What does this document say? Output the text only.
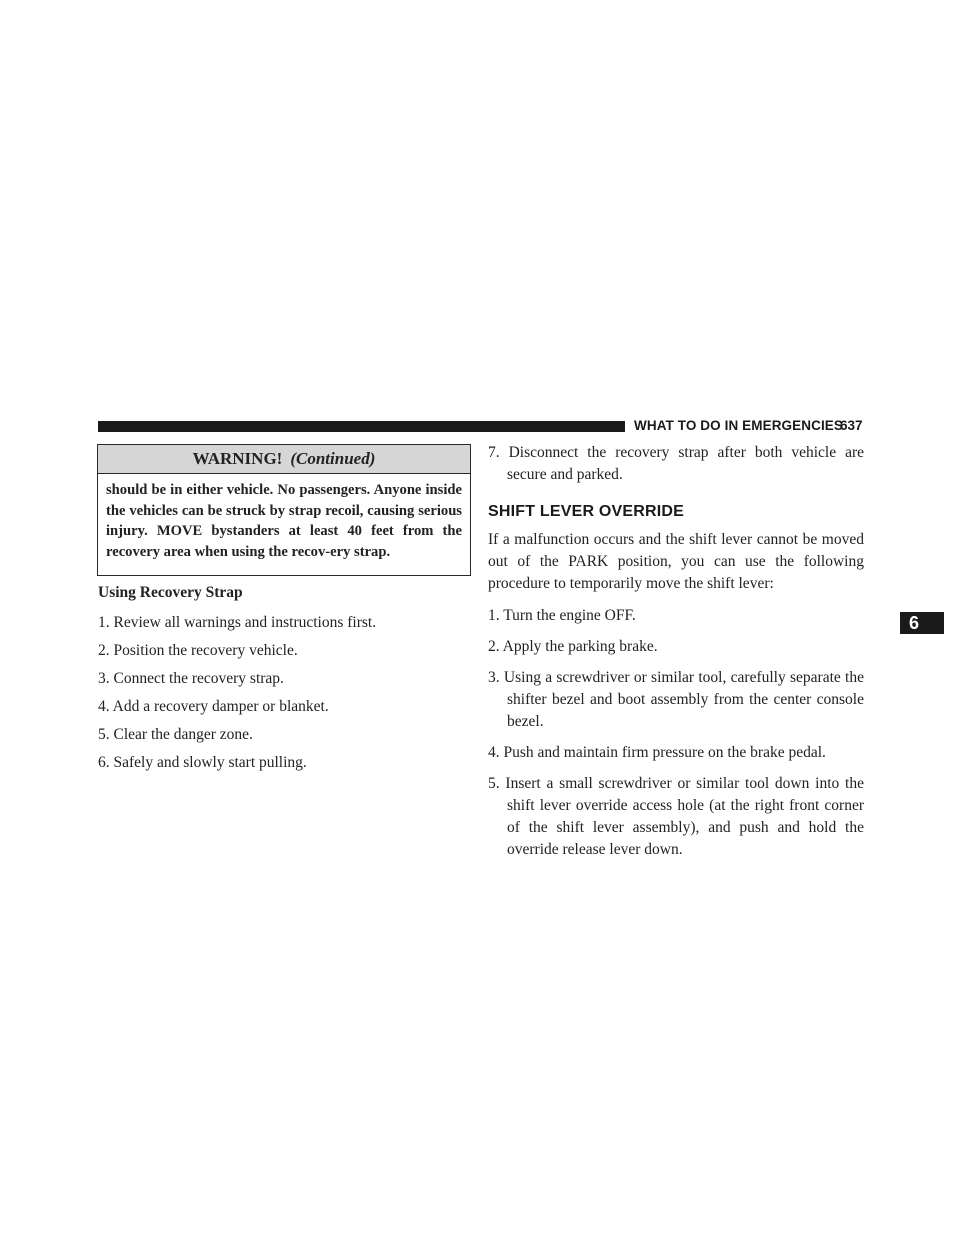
WHAT TO DO IN EMERGENCIES
637
6
WARNING! (Continued)
should be in either vehicle. No passengers. Anyone inside the vehicles can be struck by strap recoil, causing serious injury. MOVE bystanders at least 40 feet from the recovery area when using the recov-ery strap.

Using Recovery Strap

1. Review all warnings and instructions first.

2. Position the recovery vehicle.

3. Connect the recovery strap.

4. Add a recovery damper or blanket.

5. Clear the danger zone.

6. Safely and slowly start pulling.

7. Disconnect the recovery strap after both vehicle are secure and parked.

SHIFT LEVER OVERRIDE

If a malfunction occurs and the shift lever cannot be moved out of the PARK position, you can use the following procedure to temporarily move the shift lever:

1. Turn the engine OFF.

2. Apply the parking brake.

3. Using a screwdriver or similar tool, carefully separate the shifter bezel and boot assembly from the center console bezel.

4. Push and maintain firm pressure on the brake pedal.

5. Insert a small screwdriver or similar tool down into the shift lever override access hole (at the right front corner of the shift lever assembly), and push and hold the override release lever down.
